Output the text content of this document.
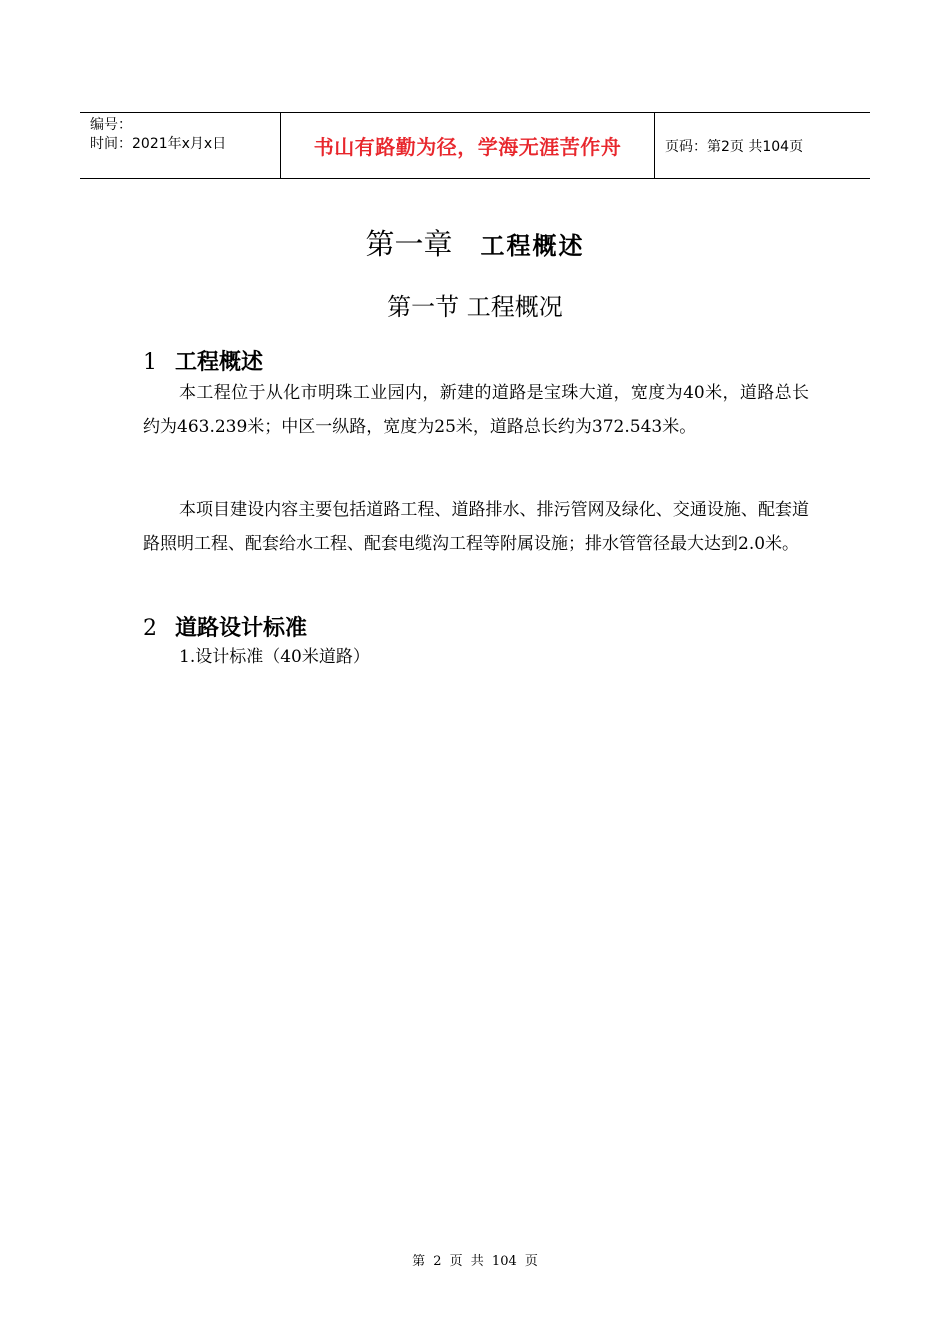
编号：
时间：2021年x月x日	书山有路勤为径，学海无涯苦作舟	页码：第2页 共104页
第一章 工程概述
第一节 工程概况
1 工程概述

本工程位于从化市明珠工业园内，新建的道路是宝珠大道，宽度为40米，道路总长约为463.239米；中区一纵路，宽度为25米，道路总长约为372.543米。

本项目建设内容主要包括道路工程、道路排水、排污管网及绿化、交通设施、配套道路照明工程、配套给水工程、配套电缆沟工程等附属设施；排水管管径最大达到2.0米。

2 道路设计标准
1.设计标准（40米道路）
第 2 页 共 104 页
